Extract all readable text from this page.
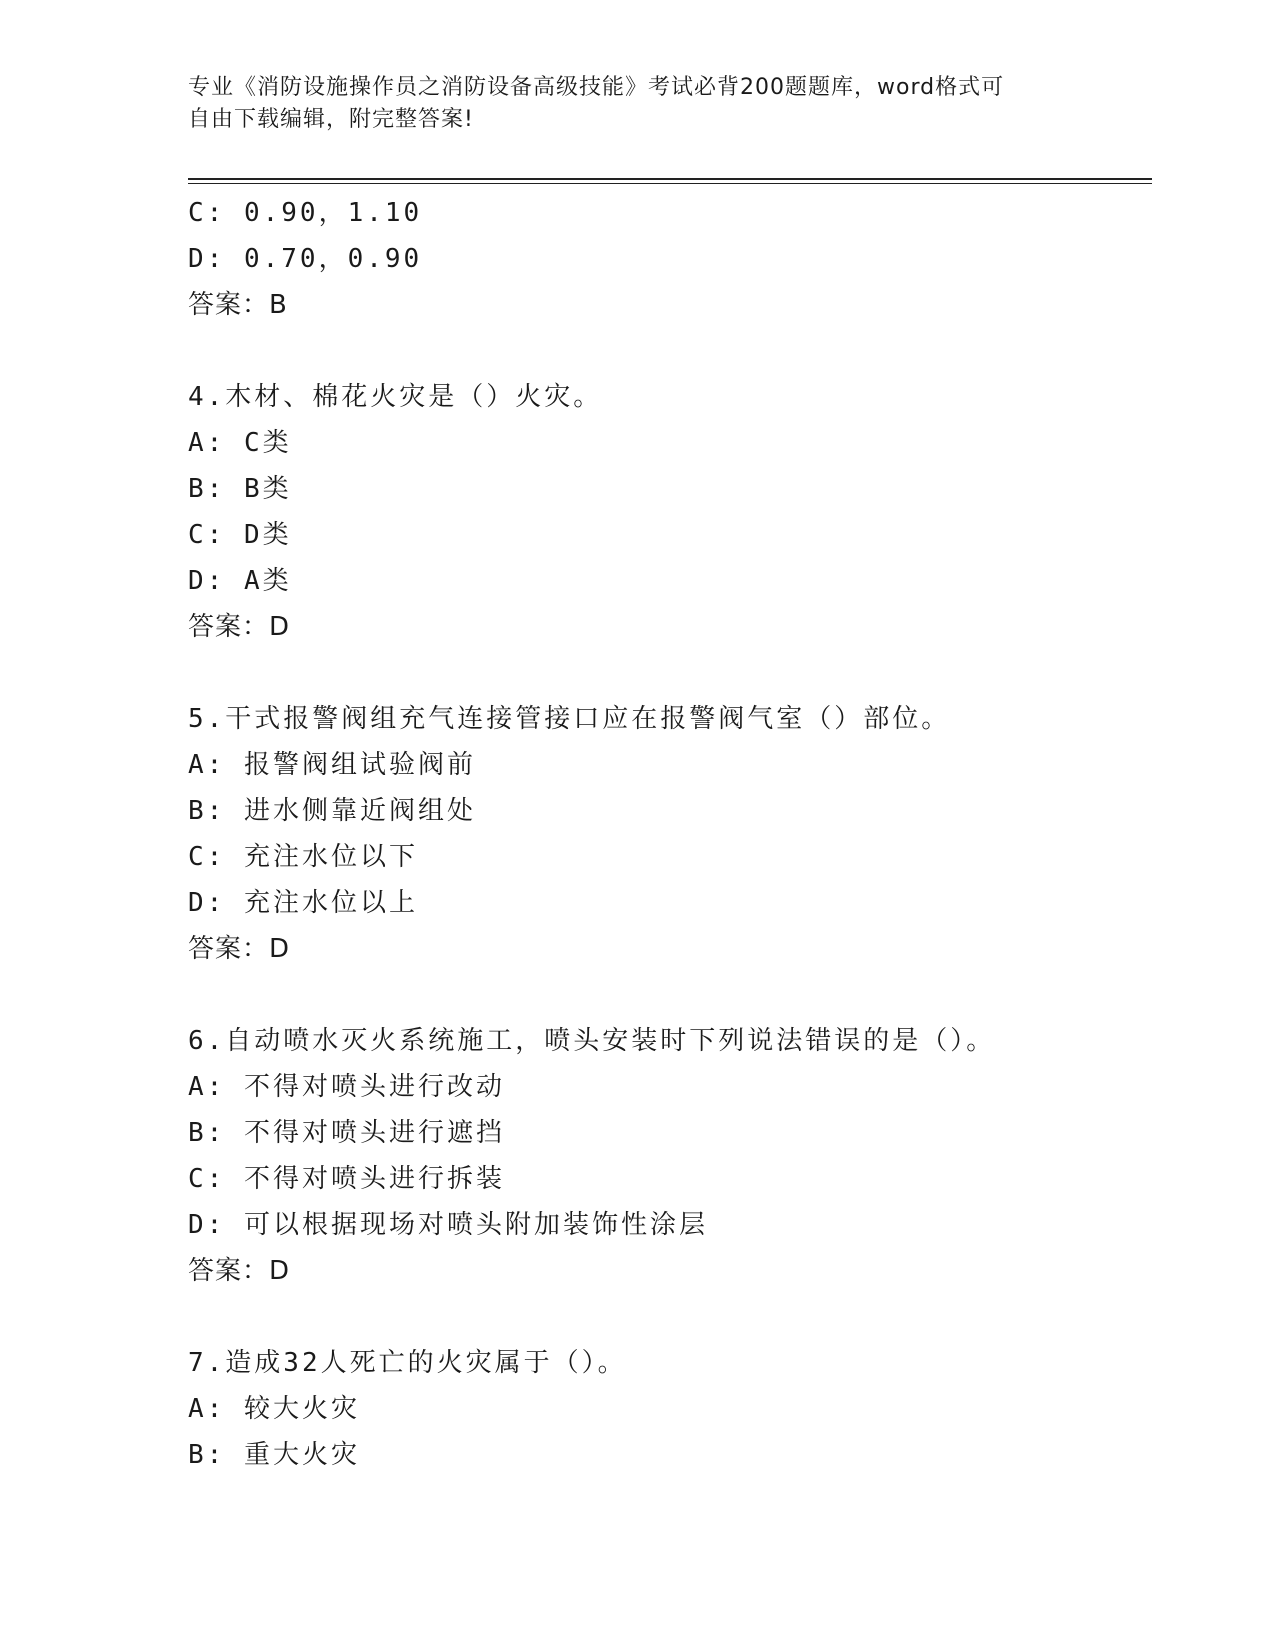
专业《消防设施操作员之消防设备高级技能》考试必背200题题库，word格式可
自由下载编辑，附完整答案!
C: 0.90，1.10
D: 0.70，0.90
答案：B
4.木材、棉花火灾是（）火灾。
A: C类
B: B类
C: D类
D: A类
答案：D
5.干式报警阀组充气连接管接口应在报警阀气室（）部位。
A: 报警阀组试验阀前
B: 进水侧靠近阀组处
C: 充注水位以下
D: 充注水位以上
答案：D
6.自动喷水灭火系统施工，喷头安装时下列说法错误的是（）。
A: 不得对喷头进行改动
B: 不得对喷头进行遮挡
C: 不得对喷头进行拆装
D: 可以根据现场对喷头附加装饰性涂层
答案：D
7.造成32人死亡的火灾属于（）。
A: 较大火灾
B: 重大火灾
